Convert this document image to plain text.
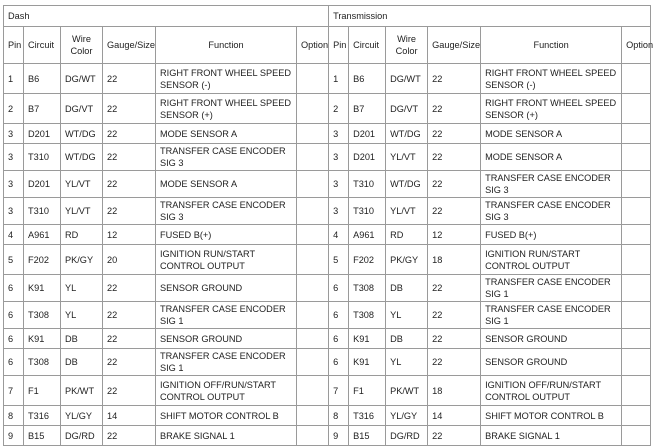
Dash						Transmission					
Pin	Circuit	Wire Color	Gauge/Size	Function	Option	Pin	Circuit	Wire Color	Gauge/Size	Function	Option
1	B6	DG/WT	22	RIGHT FRONT WHEEL SPEED SENSOR (-)		1	B6	DG/WT	22	RIGHT FRONT WHEEL SPEED SENSOR (-)	
2	B7	DG/VT	22	RIGHT FRONT WHEEL SPEED SENSOR (+)		2	B7	DG/VT	22	RIGHT FRONT WHEEL SPEED SENSOR (+)	
3	D201	WT/DG	22	MODE SENSOR A		3	D201	WT/DG	22	MODE SENSOR A	
3	T310	WT/DG	22	TRANSFER CASE ENCODER SIG 3		3	D201	YL/VT	22	MODE SENSOR A	
3	D201	YL/VT	22	MODE SENSOR A		3	T310	WT/DG	22	TRANSFER CASE ENCODER SIG 3	
3	T310	YL/VT	22	TRANSFER CASE ENCODER SIG 3		3	T310	YL/VT	22	TRANSFER CASE ENCODER SIG 3	
4	A961	RD	12	FUSED B(+)		4	A961	RD	12	FUSED B(+)	
5	F202	PK/GY	20	IGNITION RUN/START CONTROL OUTPUT		5	F202	PK/GY	18	IGNITION RUN/START CONTROL OUTPUT	
6	K91	YL	22	SENSOR GROUND		6	T308	DB	22	TRANSFER CASE ENCODER SIG 1	
6	T308	YL	22	TRANSFER CASE ENCODER SIG 1		6	T308	YL	22	TRANSFER CASE ENCODER SIG 1	
6	K91	DB	22	SENSOR GROUND		6	K91	DB	22	SENSOR GROUND	
6	T308	DB	22	TRANSFER CASE ENCODER SIG 1		6	K91	YL	22	SENSOR GROUND	
7	F1	PK/WT	22	IGNITION OFF/RUN/START CONTROL OUTPUT		7	F1	PK/WT	18	IGNITION OFF/RUN/START CONTROL OUTPUT	
8	T316	YL/GY	14	SHIFT MOTOR CONTROL B		8	T316	YL/GY	14	SHIFT MOTOR CONTROL B	
9	B15	DG/RD	22	BRAKE SIGNAL 1		9	B15	DG/RD	22	BRAKE SIGNAL 1	
